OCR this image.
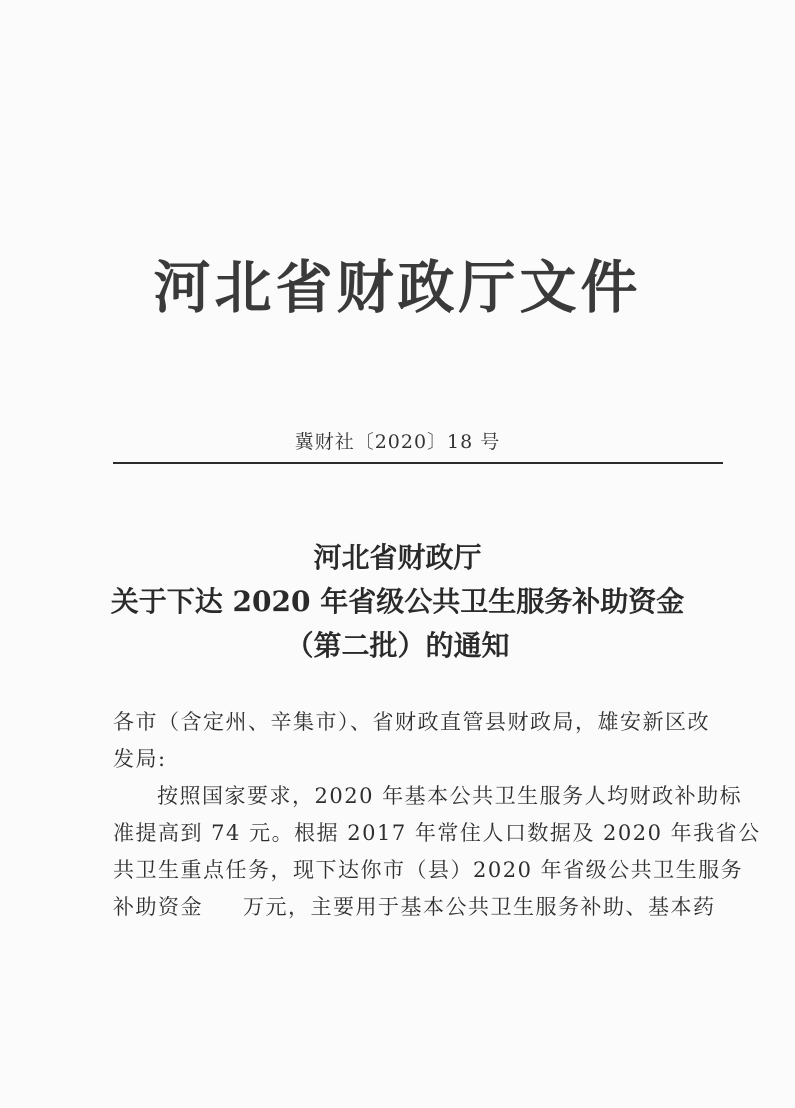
河北省财政厅文件
冀财社〔2020〕18 号
河北省财政厅
关于下达 2020 年省级公共卫生服务补助资金
（第二批）的通知
各市（含定州、辛集市）、省财政直管县财政局，雄安新区改
发局:
按照国家要求，2020 年基本公共卫生服务人均财政补助标
准提高到 74 元。根据 2017 年常住人口数据及 2020 年我省公
共卫生重点任务，现下达你市（县）2020 年省级公共卫生服务
补助资金 万元，主要用于基本公共卫生服务补助、基本药
